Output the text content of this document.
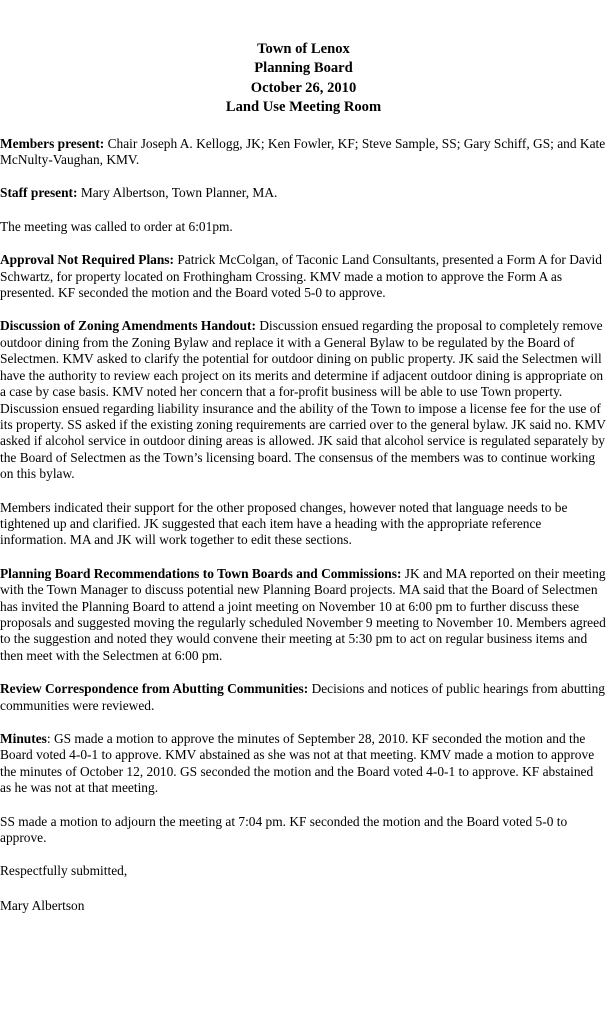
Town of Lenox
Planning Board
October 26, 2010
Land Use Meeting Room

Members present: Chair Joseph A. Kellogg, JK; Ken Fowler, KF; Steve Sample, SS; Gary Schiff, GS; and Kate McNulty-Vaughan, KMV.

Staff present: Mary Albertson, Town Planner, MA.

The meeting was called to order at 6:01pm.

Approval Not Required Plans: Patrick McColgan, of Taconic Land Consultants, presented a Form A for David Schwartz, for property located on Frothingham Crossing. KMV made a motion to approve the Form A as presented. KF seconded the motion and the Board voted 5-0 to approve.

Discussion of Zoning Amendments Handout: Discussion ensued regarding the proposal to completely remove outdoor dining from the Zoning Bylaw and replace it with a General Bylaw to be regulated by the Board of Selectmen. KMV asked to clarify the potential for outdoor dining on public property. JK said the Selectmen will have the authority to review each project on its merits and determine if adjacent outdoor dining is appropriate on a case by case basis. KMV noted her concern that a for-profit business will be able to use Town property. Discussion ensued regarding liability insurance and the ability of the Town to impose a license fee for the use of its property. SS asked if the existing zoning requirements are carried over to the general bylaw. JK said no. KMV asked if alcohol service in outdoor dining areas is allowed. JK said that alcohol service is regulated separately by the Board of Selectmen as the Town’s licensing board. The consensus of the members was to continue working on this bylaw.

Members indicated their support for the other proposed changes, however noted that language needs to be tightened up and clarified. JK suggested that each item have a heading with the appropriate reference information. MA and JK will work together to edit these sections.

Planning Board Recommendations to Town Boards and Commissions: JK and MA reported on their meeting with the Town Manager to discuss potential new Planning Board projects. MA said that the Board of Selectmen has invited the Planning Board to attend a joint meeting on November 10 at 6:00 pm to further discuss these proposals and suggested moving the regularly scheduled November 9 meeting to November 10. Members agreed to the suggestion and noted they would convene their meeting at 5:30 pm to act on regular business items and then meet with the Selectmen at 6:00 pm.

Review Correspondence from Abutting Communities: Decisions and notices of public hearings from abutting communities were reviewed.

Minutes: GS made a motion to approve the minutes of September 28, 2010. KF seconded the motion and the Board voted 4-0-1 to approve. KMV abstained as she was not at that meeting. KMV made a motion to approve the minutes of October 12, 2010. GS seconded the motion and the Board voted 4-0-1 to approve. KF abstained as he was not at that meeting.

SS made a motion to adjourn the meeting at 7:04 pm. KF seconded the motion and the Board voted 5-0 to approve.

Respectfully submitted,

Mary Albertson
